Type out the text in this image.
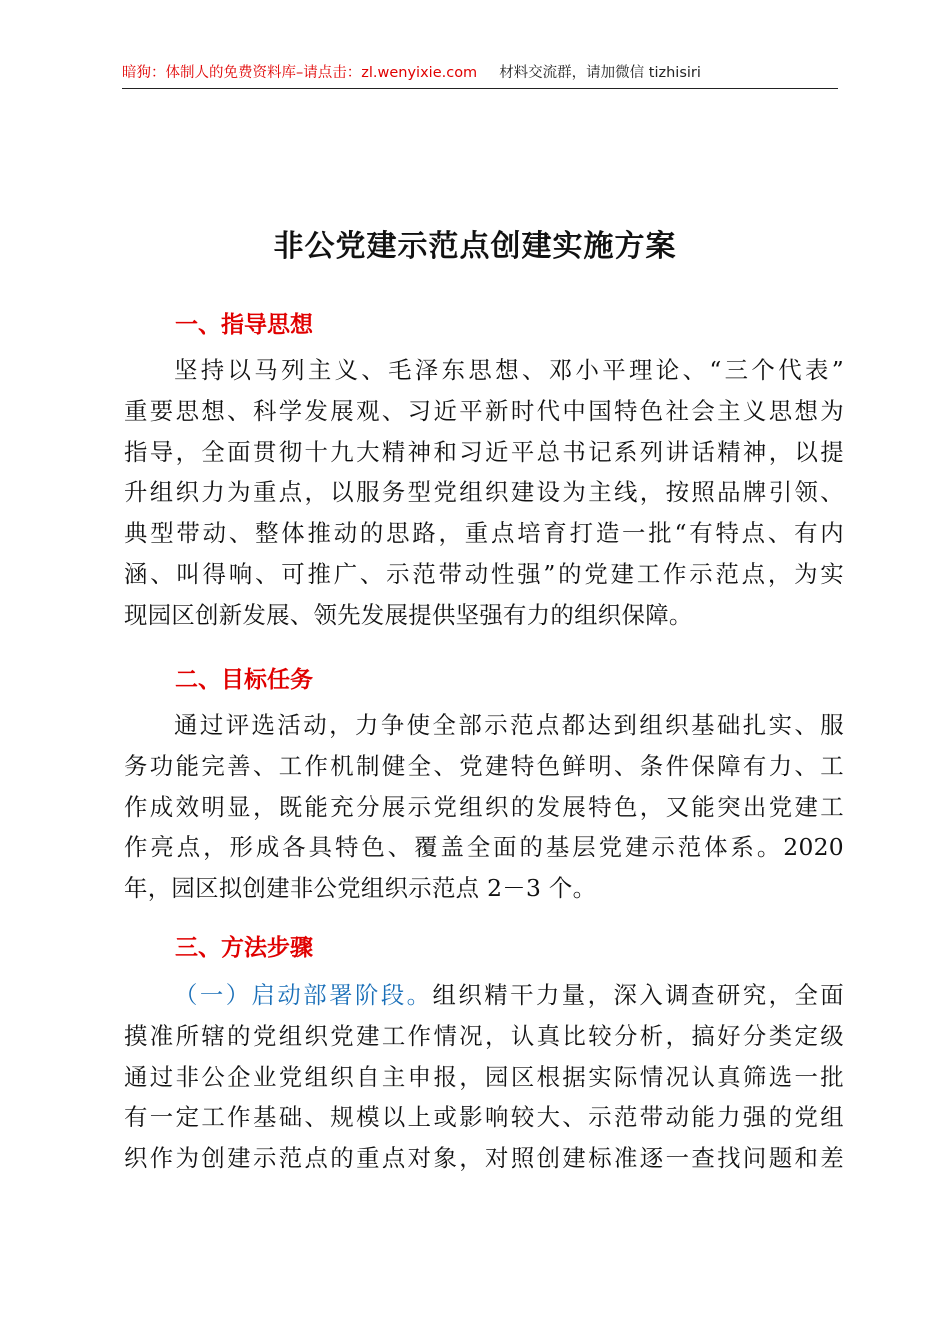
暗狗：体制人的免费资料库–请点击：zl.wenyixie.com 材料交流群，请加微信 tizhisiri
非公党建示范点创建实施方案
一、指导思想
坚持以马列主义、毛泽东思想、邓小平理论、“三个代表”
重要思想、科学发展观、习近平新时代中国特色社会主义思想为
指导，全面贯彻十九大精神和习近平总书记系列讲话精神，以提
升组织力为重点，以服务型党组织建设为主线，按照品牌引领、
典型带动、整体推动的思路，重点培育打造一批“有特点、有内
涵、叫得响、可推广、示范带动性强”的党建工作示范点，为实
现园区创新发展、领先发展提供坚强有力的组织保障。
二、目标任务
通过评选活动，力争使全部示范点都达到组织基础扎实、服
务功能完善、工作机制健全、党建特色鲜明、条件保障有力、工
作成效明显，既能充分展示党组织的发展特色，又能突出党建工
作亮点，形成各具特色、覆盖全面的基层党建示范体系。2020
年，园区拟创建非公党组织示范点 2－3 个。
三、方法步骤
（一）启动部署阶段。组织精干力量，深入调查研究，全面
摸准所辖的党组织党建工作情况，认真比较分析，搞好分类定级
通过非公企业党组织自主申报，园区根据实际情况认真筛选一批
有一定工作基础、规模以上或影响较大、示范带动能力强的党组
织作为创建示范点的重点对象，对照创建标准逐一查找问题和差
